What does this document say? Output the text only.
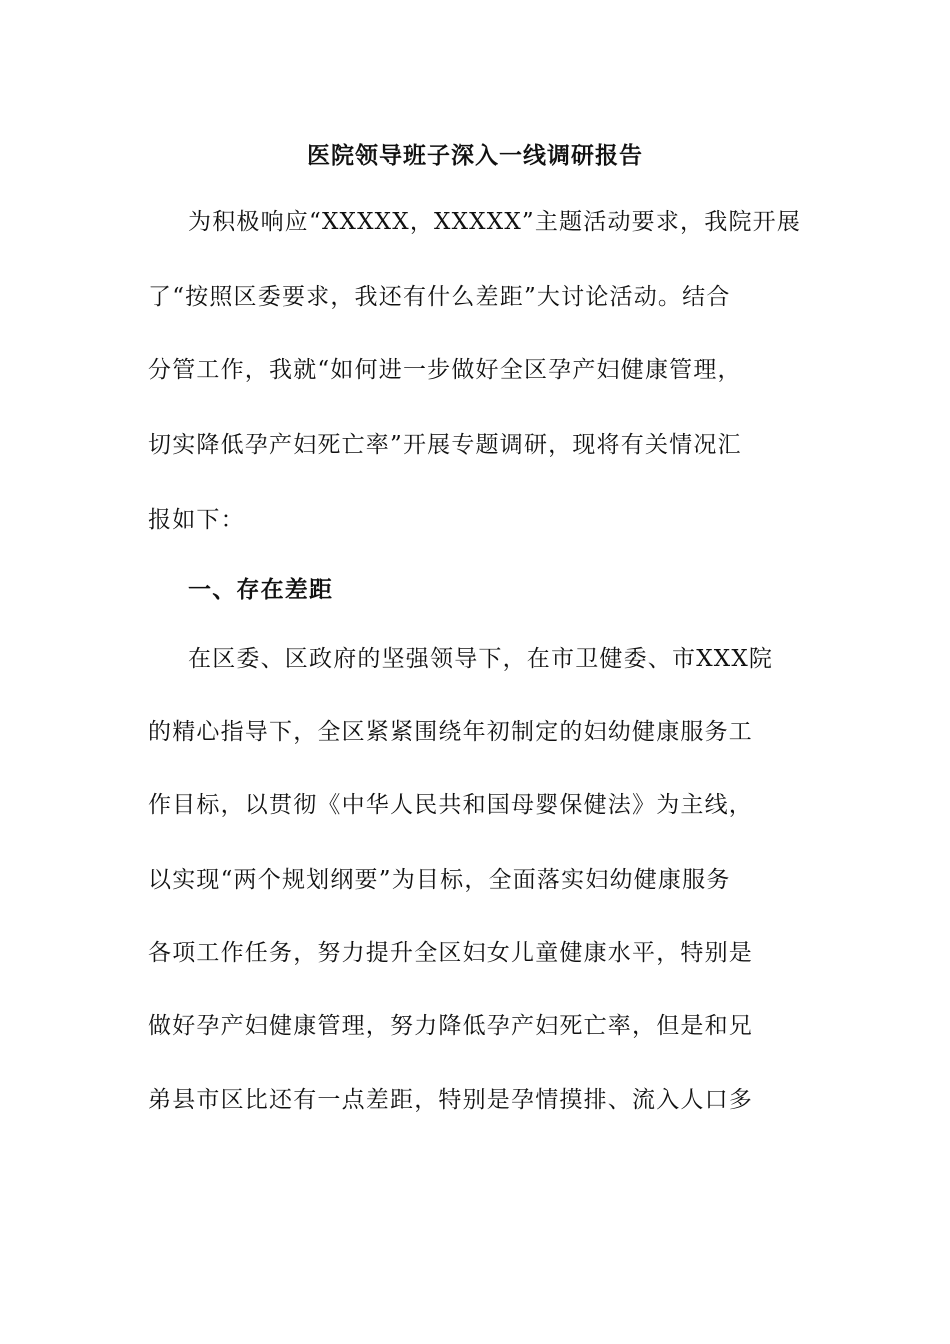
医院领导班子深入一线调研报告
为积极响应“XXXXX，XXXXX”主题活动要求，我院开展
了“按照区委要求，我还有什么差距”大讨论活动。结合
分管工作，我就“如何进一步做好全区孕产妇健康管理，
切实降低孕产妇死亡率”开展专题调研，现将有关情况汇
报如下：
一、存在差距
在区委、区政府的坚强领导下，在市卫健委、市XXX院
的精心指导下，全区紧紧围绕年初制定的妇幼健康服务工
作目标，以贯彻《中华人民共和国母婴保健法》为主线，
以实现“两个规划纲要”为目标，全面落实妇幼健康服务
各项工作任务，努力提升全区妇女儿童健康水平，特别是
做好孕产妇健康管理，努力降低孕产妇死亡率，但是和兄
弟县市区比还有一点差距，特别是孕情摸排、流入人口多
